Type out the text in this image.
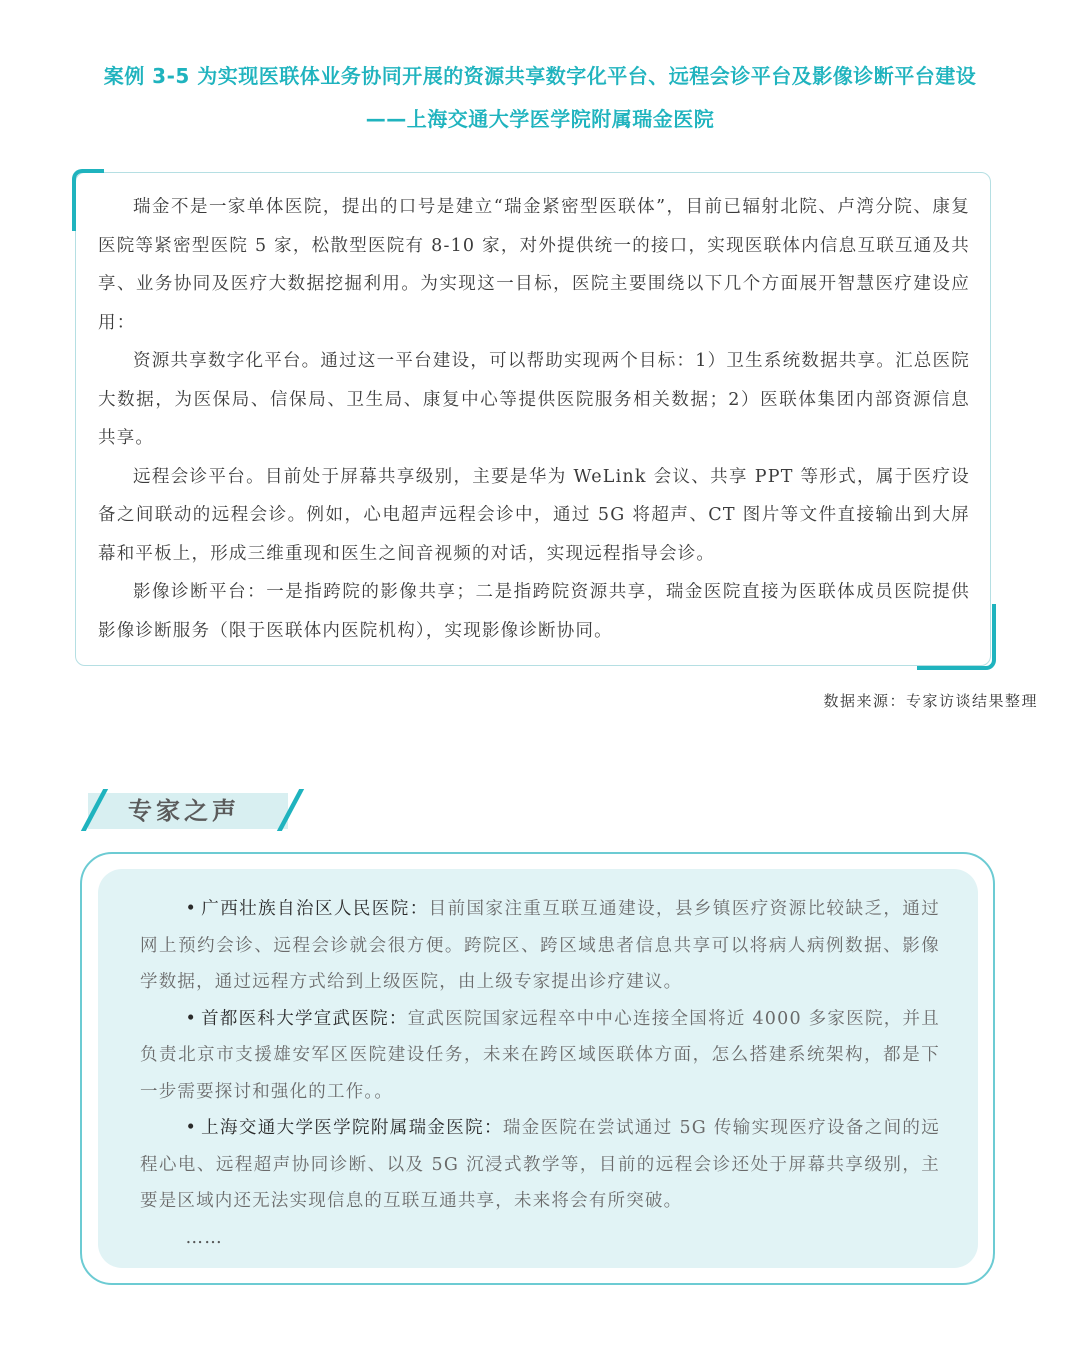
案例 3-5 为实现医联体业务协同开展的资源共享数字化平台、远程会诊平台及影像诊断平台建设
——上海交通大学医学院附属瑞金医院

瑞金不是一家单体医院，提出的口号是建立“瑞金紧密型医联体”，目前已辐射北院、卢湾分院、康复医院等紧密型医院 5 家，松散型医院有 8-10 家，对外提供统一的接口，实现医联体内信息互联互通及共享、业务协同及医疗大数据挖掘利用。为实现这一目标，医院主要围绕以下几个方面展开智慧医疗建设应用：

资源共享数字化平台。通过这一平台建设，可以帮助实现两个目标：1）卫生系统数据共享。汇总医院大数据，为医保局、信保局、卫生局、康复中心等提供医院服务相关数据；2）医联体集团内部资源信息共享。

远程会诊平台。目前处于屏幕共享级别，主要是华为 WeLink 会议、共享 PPT 等形式，属于医疗设备之间联动的远程会诊。例如，心电超声远程会诊中，通过 5G 将超声、CT 图片等文件直接输出到大屏幕和平板上，形成三维重现和医生之间音视频的对话，实现远程指导会诊。

影像诊断平台：一是指跨院的影像共享；二是指跨院资源共享，瑞金医院直接为医联体成员医院提供影像诊断服务（限于医联体内医院机构），实现影像诊断协同。

数据来源：专家访谈结果整理
专家之声

• 广西壮族自治区人民医院：目前国家注重互联互通建设，县乡镇医疗资源比较缺乏，通过网上预约会诊、远程会诊就会很方便。跨院区、跨区域患者信息共享可以将病人病例数据、影像学数据，通过远程方式给到上级医院，由上级专家提出诊疗建议。

• 首都医科大学宣武医院：宣武医院国家远程卒中中心连接全国将近 4000 多家医院，并且负责北京市支援雄安军区医院建设任务，未来在跨区域医联体方面，怎么搭建系统架构，都是下一步需要探讨和强化的工作。。

• 上海交通大学医学院附属瑞金医院：瑞金医院在尝试通过 5G 传输实现医疗设备之间的远程心电、远程超声协同诊断、以及 5G 沉浸式教学等，目前的远程会诊还处于屏幕共享级别，主要是区域内还无法实现信息的互联互通共享，未来将会有所突破。

……
